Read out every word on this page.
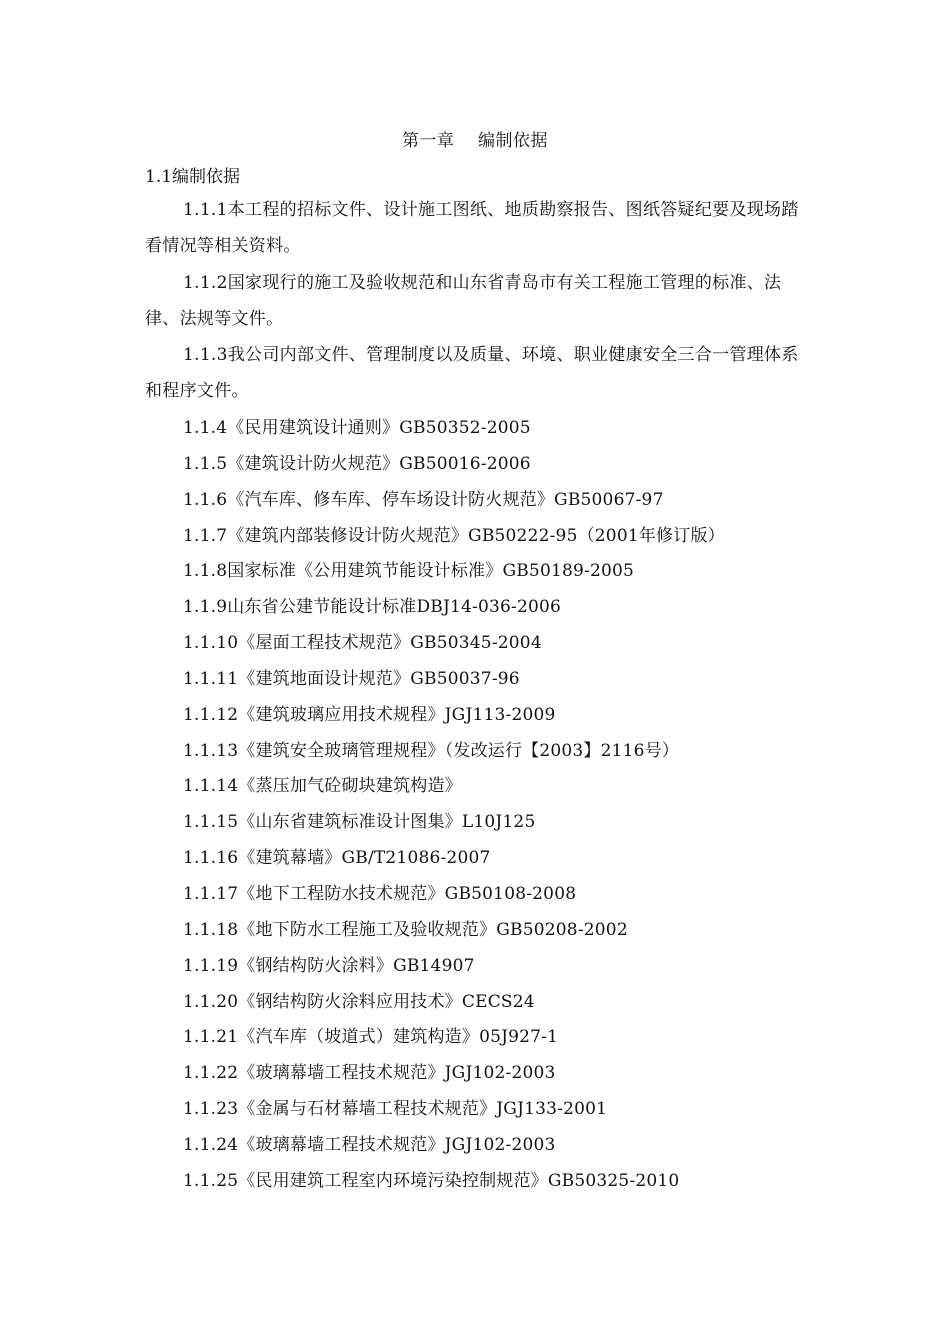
第一章    编制依据
1.1编制依据
1.1.1本工程的招标文件、设计施工图纸、地质勘察报告、图纸答疑纪要及现场踏看情况等相关资料。
1.1.2国家现行的施工及验收规范和山东省青岛市有关工程施工管理的标准、法律、法规等文件。
1.1.3我公司内部文件、管理制度以及质量、环境、职业健康安全三合一管理体系和程序文件。
1.1.4《民用建筑设计通则》GB50352-2005
1.1.5《建筑设计防火规范》GB50016-2006
1.1.6《汽车库、修车库、停车场设计防火规范》GB50067-97
1.1.7《建筑内部装修设计防火规范》GB50222-95（2001年修订版）
1.1.8国家标准《公用建筑节能设计标准》GB50189-2005
1.1.9山东省公建节能设计标准DBJ14-036-2006
1.1.10《屋面工程技术规范》GB50345-2004
1.1.11《建筑地面设计规范》GB50037-96
1.1.12《建筑玻璃应用技术规程》JGJ113-2009
1.1.13《建筑安全玻璃管理规程》（发改运行【2003】2116号）
1.1.14《蒸压加气砼砌块建筑构造》
1.1.15《山东省建筑标准设计图集》L10J125
1.1.16《建筑幕墙》GB/T21086-2007
1.1.17《地下工程防水技术规范》GB50108-2008
1.1.18《地下防水工程施工及验收规范》GB50208-2002
1.1.19《钢结构防火涂料》GB14907
1.1.20《钢结构防火涂料应用技术》CECS24
1.1.21《汽车库（坡道式）建筑构造》05J927-1
1.1.22《玻璃幕墙工程技术规范》JGJ102-2003
1.1.23《金属与石材幕墙工程技术规范》JGJ133-2001
1.1.24《玻璃幕墙工程技术规范》JGJ102-2003
1.1.25《民用建筑工程室内环境污染控制规范》GB50325-2010
